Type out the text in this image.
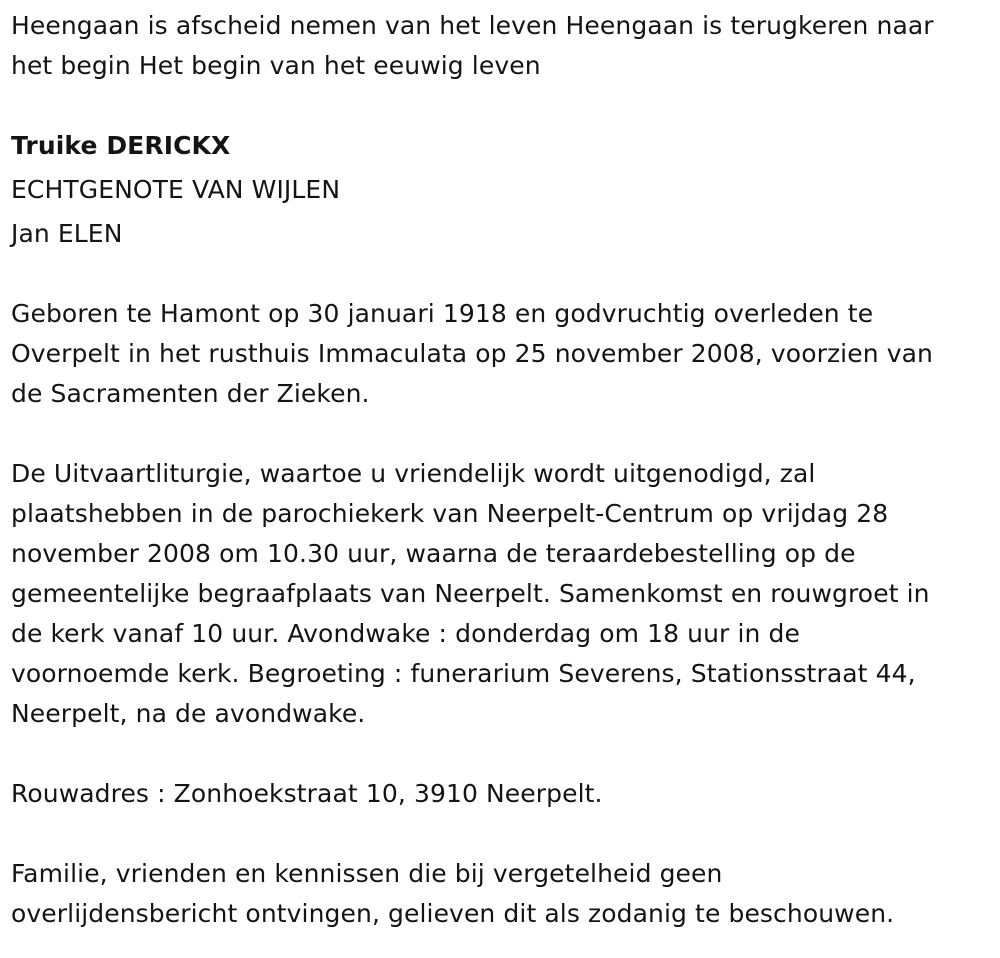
Heengaan is afscheid nemen van het leven Heengaan is terugkeren naar
het begin Het begin van het eeuwig leven
Truike DERICKX
ECHTGENOTE VAN WIJLEN
Jan ELEN
Geboren te Hamont op 30 januari 1918 en godvruchtig overleden te
Overpelt in het rusthuis Immaculata op 25 november 2008, voorzien van
de Sacramenten der Zieken.
De Uitvaartliturgie, waartoe u vriendelijk wordt uitgenodigd, zal
plaatshebben in de parochiekerk van Neerpelt-Centrum op vrijdag 28
november 2008 om 10.30 uur, waarna de teraardebestelling op de
gemeentelijke begraafplaats van Neerpelt. Samenkomst en rouwgroet in
de kerk vanaf 10 uur. Avondwake : donderdag om 18 uur in de
voornoemde kerk. Begroeting : funerarium Severens, Stationsstraat 44,
Neerpelt, na de avondwake.
Rouwadres : Zonhoekstraat 10, 3910 Neerpelt.
Familie, vrienden en kennissen die bij vergetelheid geen
overlijdensbericht ontvingen, gelieven dit als zodanig te beschouwen.
